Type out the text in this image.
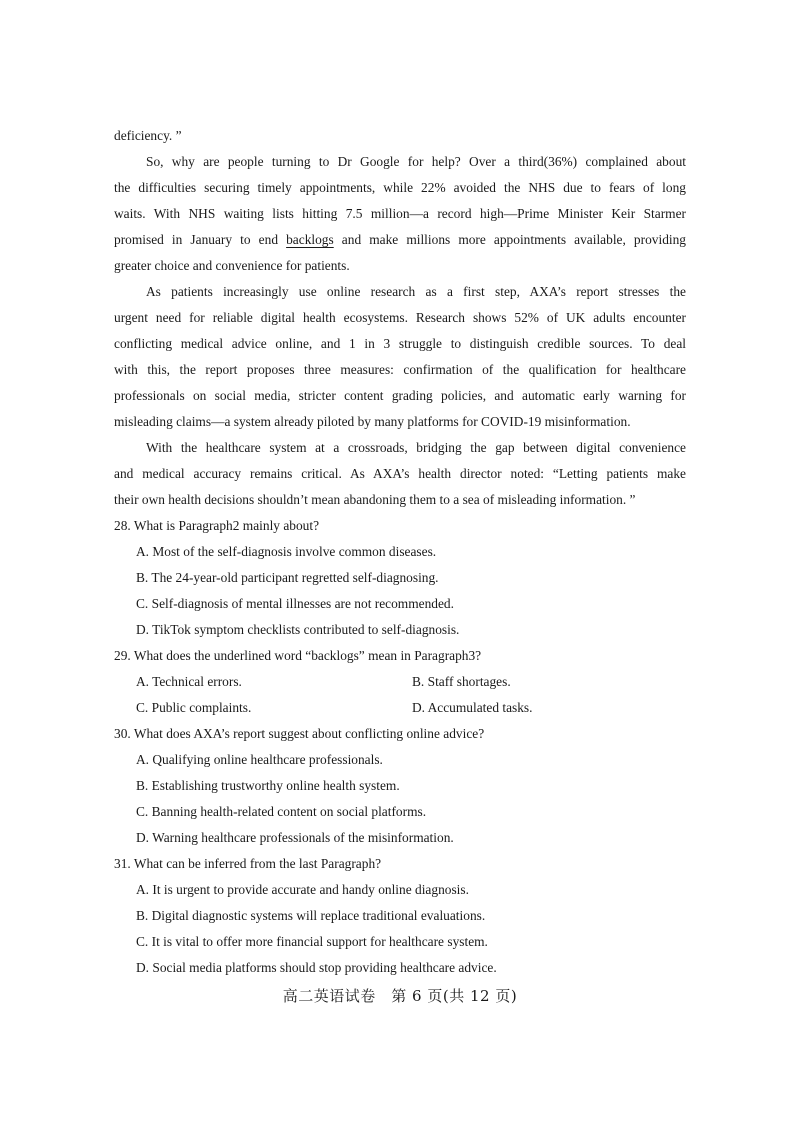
deficiency. ”
So, why are people turning to Dr Google for help? Over a third(36%) complained about
the difficulties securing timely appointments, while 22% avoided the NHS due to fears of long
waits. With NHS waiting lists hitting 7.5 million—a record high—Prime Minister Keir Starmer
promised in January to end backlogs and make millions more appointments available, providing
greater choice and convenience for patients.
As patients increasingly use online research as a first step, AXA’s report stresses the
urgent need for reliable digital health ecosystems. Research shows 52% of UK adults encounter
conflicting medical advice online, and 1 in 3 struggle to distinguish credible sources. To deal
with this, the report proposes three measures: confirmation of the qualification for healthcare
professionals on social media, stricter content grading policies, and automatic early warning for
misleading claims—a system already piloted by many platforms for COVID-19 misinformation.
With the healthcare system at a crossroads, bridging the gap between digital convenience
and medical accuracy remains critical. As AXA’s health director noted: “Letting patients make
their own health decisions shouldn’t mean abandoning them to a sea of misleading information. ”
28. What is Paragraph2 mainly about?
A. Most of the self-diagnosis involve common diseases.
B. The 24-year-old participant regretted self-diagnosing.
C. Self-diagnosis of mental illnesses are not recommended.
D. TikTok symptom checklists contributed to self-diagnosis.
29. What does the underlined word “backlogs” mean in Paragraph3?
A. Technical errors.	B. Staff shortages.
C. Public complaints.	D. Accumulated tasks.
30. What does AXA’s report suggest about conflicting online advice?
A. Qualifying online healthcare professionals.
B. Establishing trustworthy online health system.
C. Banning health-related content on social platforms.
D. Warning healthcare professionals of the misinformation.
31. What can be inferred from the last Paragraph?
A. It is urgent to provide accurate and handy online diagnosis.
B. Digital diagnostic systems will replace traditional evaluations.
C. It is vital to offer more financial support for healthcare system.
D. Social media platforms should stop providing healthcare advice.
高二英语试卷　第 6 页(共 12 页)
